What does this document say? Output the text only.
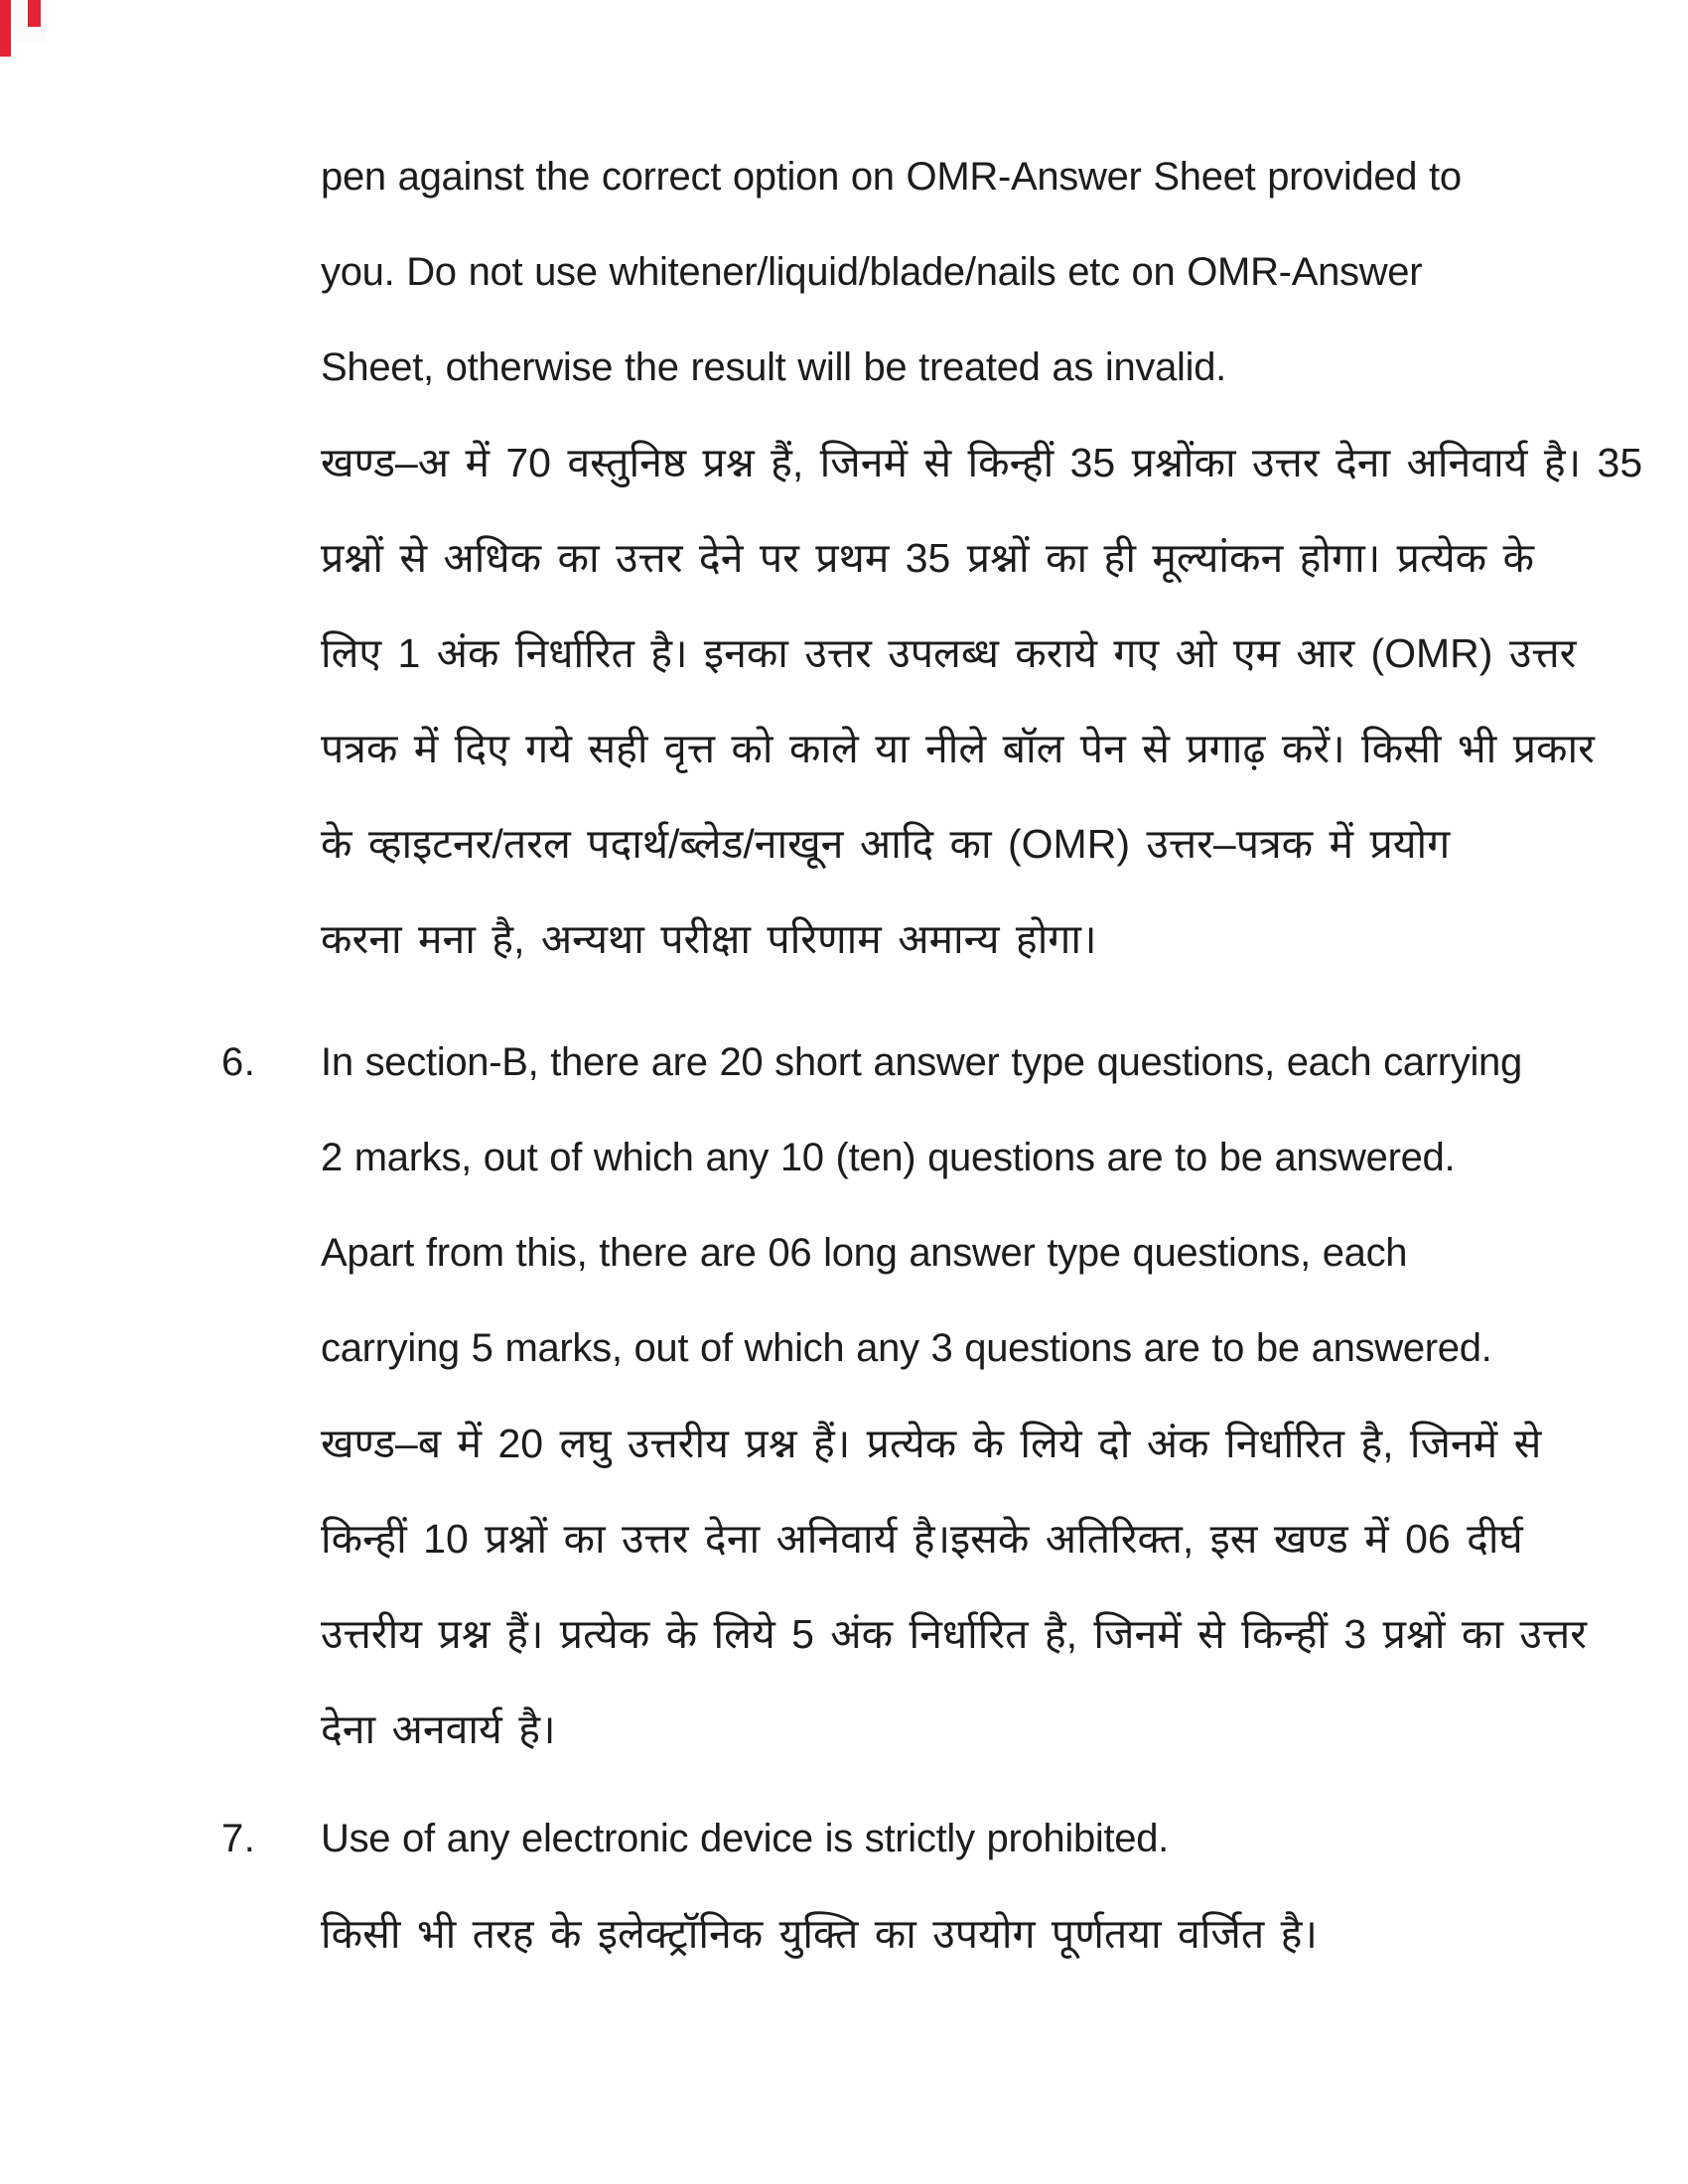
6.
7.
pen against the correct option on OMR-Answer Sheet provided to
you. Do not use whitener/liquid/blade/nails etc on OMR-Answer
Sheet, otherwise the result will be treated as invalid.
खण्ड–अ में 70 वस्तुनिष्ठ प्रश्न हैं, जिनमें से किन्हीं 35 प्रश्नोंका उत्तर देना अनिवार्य है। 35
प्रश्नों से अधिक का उत्तर देने पर प्रथम 35 प्रश्नों का ही मूल्यांकन होगा। प्रत्येक के
लिए 1 अंक निर्धारित है। इनका उत्तर उपलब्ध कराये गए ओ एम आर (OMR) उत्तर
पत्रक में दिए गये सही वृत्त को काले या नीले बॉल पेन से प्रगाढ़ करें। किसी भी प्रकार
के व्हाइटनर/तरल पदार्थ/ब्लेड/नाखून आदि का (OMR) उत्तर–पत्रक में प्रयोग
करना मना है, अन्यथा परीक्षा परिणाम अमान्य होगा।
In section-B, there are 20 short answer type questions, each carrying
2 marks, out of which any 10 (ten) questions are to be answered.
Apart from this, there are 06 long answer type questions, each
carrying 5 marks, out of which any 3 questions are to be answered.
खण्ड–ब में 20 लघु उत्तरीय प्रश्न हैं। प्रत्येक के लिये दो अंक निर्धारित है, जिनमें से
किन्हीं 10 प्रश्नों का उत्तर देना अनिवार्य है।इसके अतिरिक्त, इस खण्ड में 06 दीर्घ
उत्तरीय प्रश्न हैं। प्रत्येक के लिये 5 अंक निर्धारित है, जिनमें से किन्हीं 3 प्रश्नों का उत्तर
देना अनवार्य है।
Use of any electronic device is strictly prohibited.
किसी भी तरह के इलेक्ट्रॉनिक युक्ति का उपयोग पूर्णतया वर्जित है।
